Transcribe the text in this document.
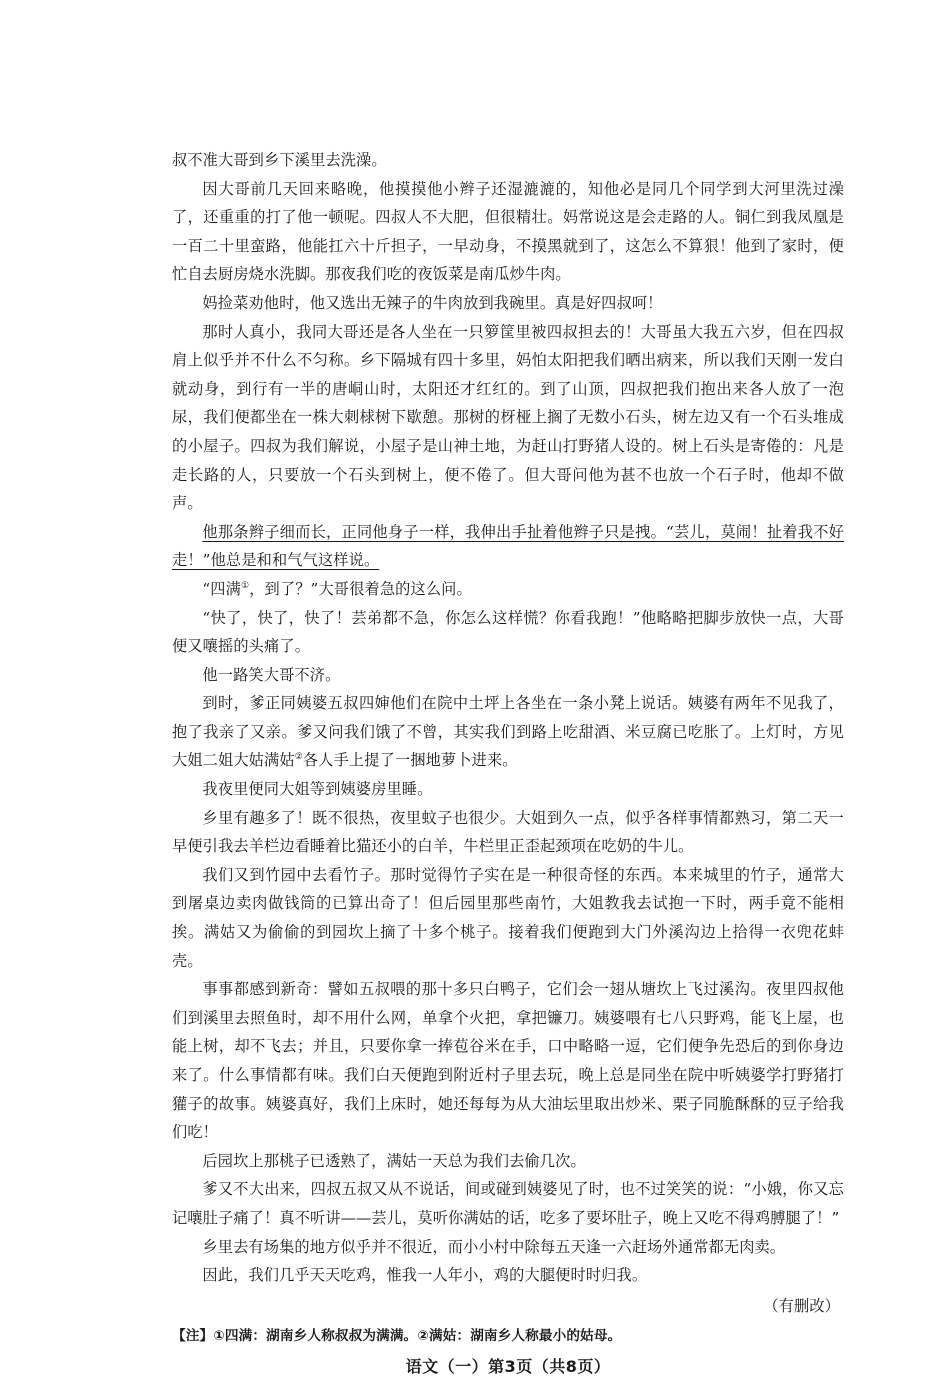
叔不准大哥到乡下溪里去洗澡。

因大哥前几天回来略晚，他摸摸他小辫子还湿漉漉的，知他必是同几个同学到大河里洗过澡了，还重重的打了他一顿呢。四叔人不大肥，但很精壮。妈常说这是会走路的人。铜仁到我凤凰是一百二十里蛮路，他能扛六十斤担子，一早动身，不摸黑就到了，这怎么不算狠！他到了家时，便忙自去厨房烧水洗脚。那夜我们吃的夜饭菜是南瓜炒牛肉。

妈捡菜劝他时，他又选出无辣子的牛肉放到我碗里。真是好四叔呵！

那时人真小，我同大哥还是各人坐在一只箩筐里被四叔担去的！大哥虽大我五六岁，但在四叔肩上似乎并不什么不匀称。乡下隔城有四十多里，妈怕太阳把我们晒出病来，所以我们天刚一发白就动身，到行有一半的唐峒山时，太阳还才红红的。到了山顶，四叔把我们抱出来各人放了一泡尿，我们便都坐在一株大刺梂树下歇憩。那树的枒桠上搁了无数小石头，树左边又有一个石头堆成的小屋子。四叔为我们解说，小屋子是山神土地，为赶山打野猪人设的。树上石头是寄倦的：凡是走长路的人，只要放一个石头到树上，便不倦了。但大哥问他为甚不也放一个石子时，他却不做声。

他那条辫子细而长，正同他身子一样，我伸出手扯着他辫子只是拽。“芸儿，莫闹！扯着我不好走！”他总是和和气气这样说。

“四满①，到了？”大哥很着急的这么问。

“快了，快了，快了！芸弟都不急，你怎么这样慌？你看我跑！”他略略把脚步放快一点，大哥便又嚷摇的头痛了。

他一路笑大哥不济。

到时，爹正同姨婆五叔四婶他们在院中土坪上各坐在一条小凳上说话。姨婆有两年不见我了，抱了我亲了又亲。爹又问我们饿了不曾，其实我们到路上吃甜酒、米豆腐已吃胀了。上灯时，方见大姐二姐大姑满姑②各人手上提了一捆地萝卜进来。

我夜里便同大姐等到姨婆房里睡。

乡里有趣多了！既不很热，夜里蚊子也很少。大姐到久一点，似乎各样事情都熟习，第二天一早便引我去羊栏边看睡着比猫还小的白羊，牛栏里正歪起颈项在吃奶的牛儿。

我们又到竹园中去看竹子。那时觉得竹子实在是一种很奇怪的东西。本来城里的竹子，通常大到屠桌边卖肉做钱筒的已算出奇了！但后园里那些南竹，大姐教我去试抱一下时，两手竟不能相挨。满姑又为偷偷的到园坎上摘了十多个桃子。接着我们便跑到大门外溪沟边上拾得一衣兜花蚌壳。

事事都感到新奇：譬如五叔喂的那十多只白鸭子，它们会一翅从塘坎上飞过溪沟。夜里四叔他们到溪里去照鱼时，却不用什么网，单拿个火把，拿把镰刀。姨婆喂有七八只野鸡，能飞上屋，也能上树，却不飞去；并且，只要你拿一捧苞谷米在手，口中略略一逗，它们便争先恐后的到你身边来了。什么事情都有味。我们白天便跑到附近村子里去玩，晚上总是同坐在院中听姨婆学打野猪打獾子的故事。姨婆真好，我们上床时，她还每每为从大油坛里取出炒米、栗子同脆酥酥的豆子给我们吃！

后园坎上那桃子已透熟了，满姑一天总为我们去偷几次。

爹又不大出来，四叔五叔又从不说话，间或碰到姨婆见了时，也不过笑笑的说：“小娥，你又忘记嚷肚子痛了！真不听讲——芸儿，莫听你满姑的话，吃多了要坏肚子，晚上又吃不得鸡膊腿了！”

乡里去有场集的地方似乎并不很近，而小小村中除每五天逢一六赶场外通常都无肉卖。

因此，我们几乎天天吃鸡，惟我一人年小，鸡的大腿便时时归我。

（有删改）

【注】①四满：湖南乡人称叔叔为满满。②满姑：湖南乡人称最小的姑母。

语文（一）第3页（共8页）
